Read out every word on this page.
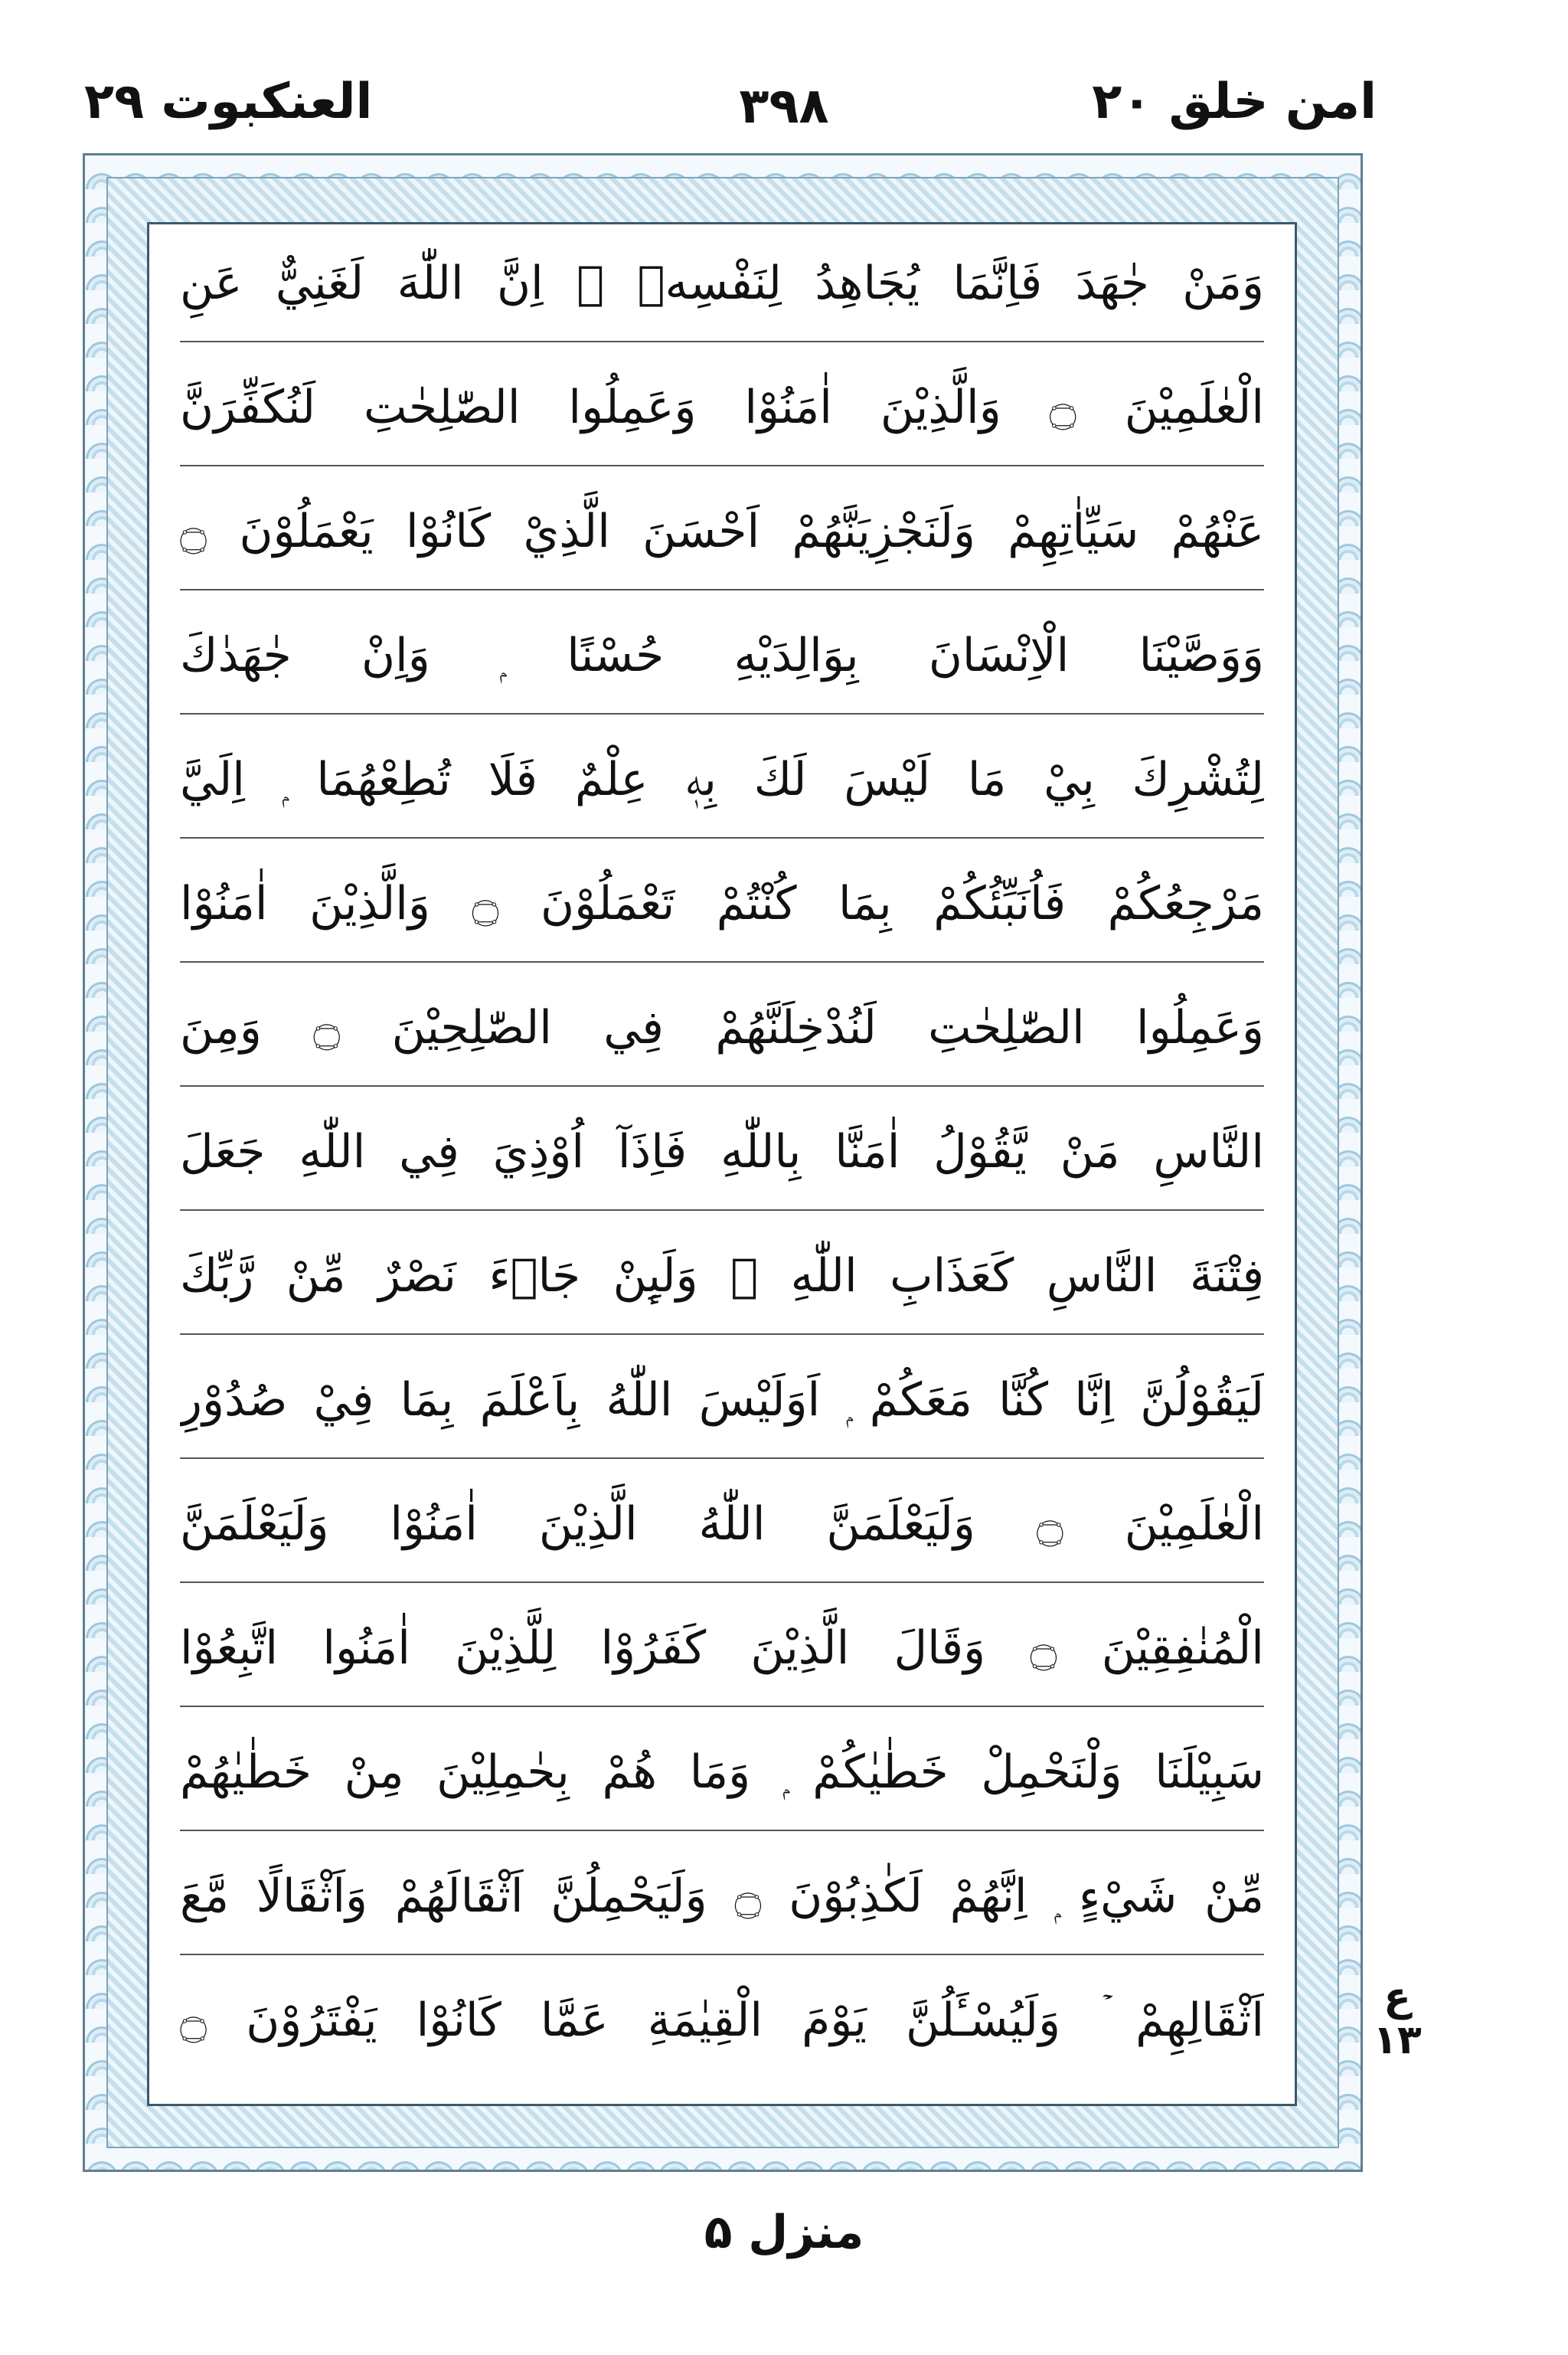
العنکبوت ۲۹	۳۹۸	امن خلق ۲۰
وَمَنْ جٰهَدَ فَاِنَّمَا يُجَاهِدُ لِنَفْسِهٖ ۭ اِنَّ اللّٰهَ لَغَنِيٌّ عَنِ
الْعٰلَمِيْنَ ۝ وَالَّذِيْنَ اٰمَنُوْا وَعَمِلُوا الصّٰلِحٰتِ لَنُكَفِّرَنَّ
عَنْهُمْ سَيِّاٰتِهِمْ وَلَنَجْزِيَنَّهُمْ اَحْسَنَ الَّذِيْ كَانُوْا يَعْمَلُوْنَ ۝
وَوَصَّيْنَا الْاِنْسَانَ بِوَالِدَيْهِ حُسْنًا ۭ وَاِنْ جٰهَدٰكَ
لِتُشْرِكَ بِيْ مَا لَيْسَ لَكَ بِهٖ عِلْمٌ فَلَا تُطِعْهُمَا ۭ اِلَيَّ
مَرْجِعُكُمْ فَاُنَبِّئُكُمْ بِمَا كُنْتُمْ تَعْمَلُوْنَ ۝ وَالَّذِيْنَ اٰمَنُوْا
وَعَمِلُوا الصّٰلِحٰتِ لَنُدْخِلَنَّهُمْ فِي الصّٰلِحِيْنَ ۝ وَمِنَ
النَّاسِ مَنْ يَّقُوْلُ اٰمَنَّا بِاللّٰهِ فَاِذَآ اُوْذِيَ فِي اللّٰهِ جَعَلَ
فِتْنَةَ النَّاسِ كَعَذَابِ اللّٰهِ ۭ وَلَىِٕنْ جَاۗءَ نَصْرٌ مِّنْ رَّبِّكَ
لَيَقُوْلُنَّ اِنَّا كُنَّا مَعَكُمْ ۭ اَوَلَيْسَ اللّٰهُ بِاَعْلَمَ بِمَا فِيْ صُدُوْرِ
الْعٰلَمِيْنَ ۝ وَلَيَعْلَمَنَّ اللّٰهُ الَّذِيْنَ اٰمَنُوْا وَلَيَعْلَمَنَّ
الْمُنٰفِقِيْنَ ۝ وَقَالَ الَّذِيْنَ كَفَرُوْا لِلَّذِيْنَ اٰمَنُوا اتَّبِعُوْا
سَبِيْلَنَا وَلْنَحْمِلْ خَطٰيٰكُمْ ۭ وَمَا هُمْ بِحٰمِلِيْنَ مِنْ خَطٰيٰهُمْ
مِّنْ شَيْءٍ ۭ اِنَّهُمْ لَكٰذِبُوْنَ ۝ وَلَيَحْمِلُنَّ اَثْقَالَهُمْ وَاَثْقَالًا مَّعَ
اَثْقَالِهِمْ ۡ وَلَيُسْـَٔلُنَّ يَوْمَ الْقِيٰمَةِ عَمَّا كَانُوْا يَفْتَرُوْنَ ۝	ع ۱۳
منزل ۵
